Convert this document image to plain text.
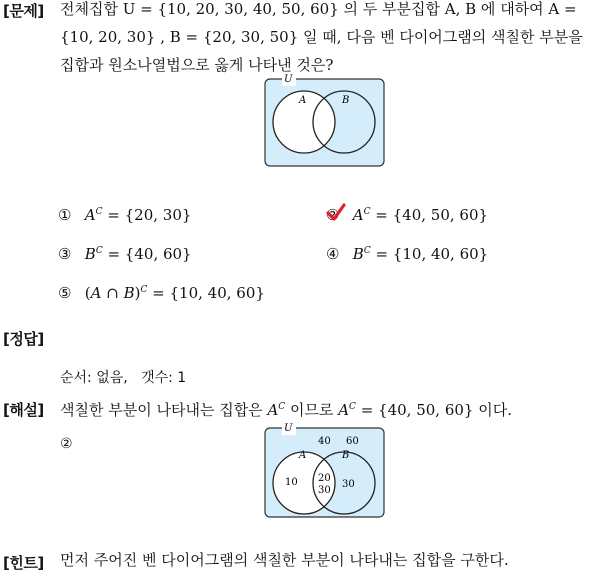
[문제] 전체집합 U = {10, 20, 30, 40, 50, 60} 의 두 부분집합 A, B 에 대하여 A =
{10, 20, 30} , B = {20, 30, 50} 일 때, 다음 벤 다이어그램의 색칠한 부분을
집합과 원소나열법으로 옳게 나타낸 것은?
U
A	B
① $A^C = \{20$, 30}	② $A^C = \{40$, 50, 60}
③ $B^C = \{40$, 60}	④ $B^C = \{10$, 40, 60}
⑤ (A ∩ B)$^C$ = {10, 40, 60}
[정답]

순서: 없음,   갯수: 1

②

[해설] 색칠한 부분이 나타내는 집합은 $A^C$ 이므로 $A^C = \{40$, 50, 60} 이다.
U
40 60
A	B
10 20
30
30
[힌트] 먼저 주어진 벤 다이어그램의 색칠한 부분이 나타내는 집합을 구한다.
